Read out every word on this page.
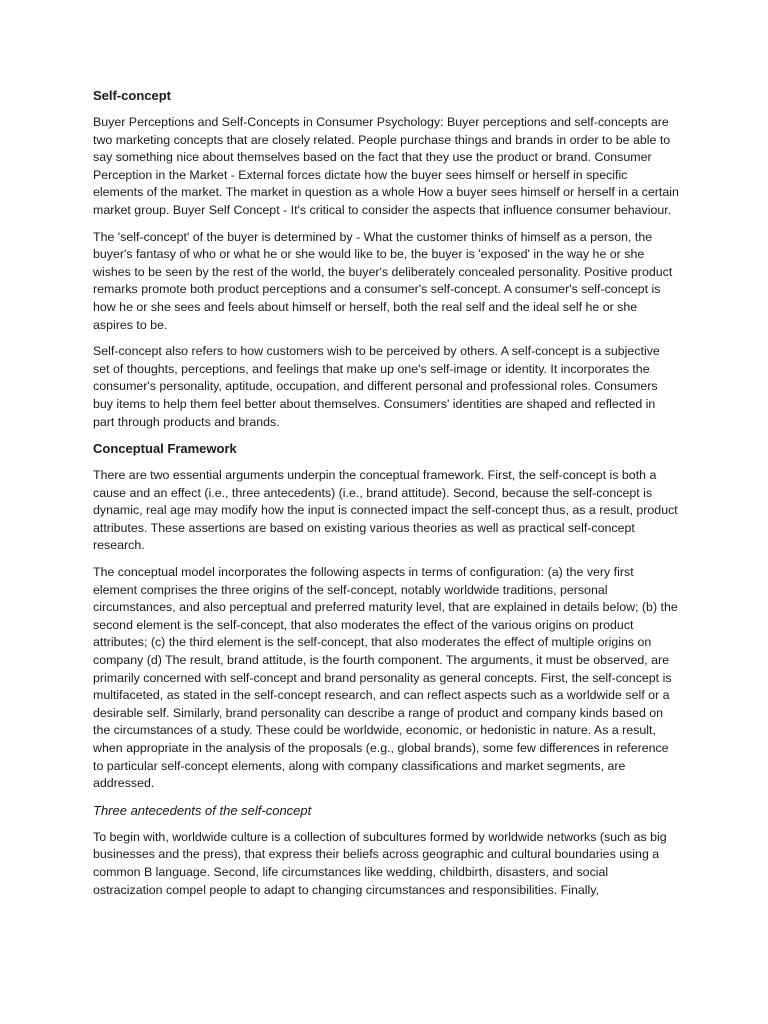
Self-concept

Buyer Perceptions and Self-Concepts in Consumer Psychology: Buyer perceptions and self-concepts are two marketing concepts that are closely related. People purchase things and brands in order to be able to say something nice about themselves based on the fact that they use the product or brand. Consumer Perception in the Market - External forces dictate how the buyer sees himself or herself in specific elements of the market. The market in question as a whole How a buyer sees himself or herself in a certain market group. Buyer Self Concept - It's critical to consider the aspects that influence consumer behaviour.

The 'self-concept' of the buyer is determined by - What the customer thinks of himself as a person, the buyer's fantasy of who or what he or she would like to be, the buyer is 'exposed' in the way he or she wishes to be seen by the rest of the world, the buyer's deliberately concealed personality. Positive product remarks promote both product perceptions and a consumer's self-concept. A consumer's self-concept is how he or she sees and feels about himself or herself, both the real self and the ideal self he or she aspires to be.

Self-concept also refers to how customers wish to be perceived by others. A self-concept is a subjective set of thoughts, perceptions, and feelings that make up one's self-image or identity. It incorporates the consumer's personality, aptitude, occupation, and different personal and professional roles. Consumers buy items to help them feel better about themselves. Consumers' identities are shaped and reflected in part through products and brands.

Conceptual Framework

There are two essential arguments underpin the conceptual framework. First, the self-concept is both a cause and an effect (i.e., three antecedents) (i.e., brand attitude). Second, because the self-concept is dynamic, real age may modify how the input is connected impact the self-concept thus, as a result, product attributes. These assertions are based on existing various theories as well as practical self-concept research.

The conceptual model incorporates the following aspects in terms of configuration: (a) the very first element comprises the three origins of the self-concept, notably worldwide traditions, personal circumstances, and also perceptual and preferred maturity level, that are explained in details below; (b) the second element is the self-concept, that also moderates the effect of the various origins on product attributes; (c) the third element is the self-concept, that also moderates the effect of multiple origins on company (d) The result, brand attitude, is the fourth component. The arguments, it must be observed, are primarily concerned with self-concept and brand personality as general concepts. First, the self-concept is multifaceted, as stated in the self-concept research, and can reflect aspects such as a worldwide self or a desirable self. Similarly, brand personality can describe a range of product and company kinds based on the circumstances of a study. These could be worldwide, economic, or hedonistic in nature. As a result, when appropriate in the analysis of the proposals (e.g., global brands), some few differences in reference to particular self-concept elements, along with company classifications and market segments, are addressed.

Three antecedents of the self-concept

To begin with, worldwide culture is a collection of subcultures formed by worldwide networks (such as big businesses and the press), that express their beliefs across geographic and cultural boundaries using a common B language. Second, life circumstances like wedding, childbirth, disasters, and social ostracization compel people to adapt to changing circumstances and responsibilities. Finally,
